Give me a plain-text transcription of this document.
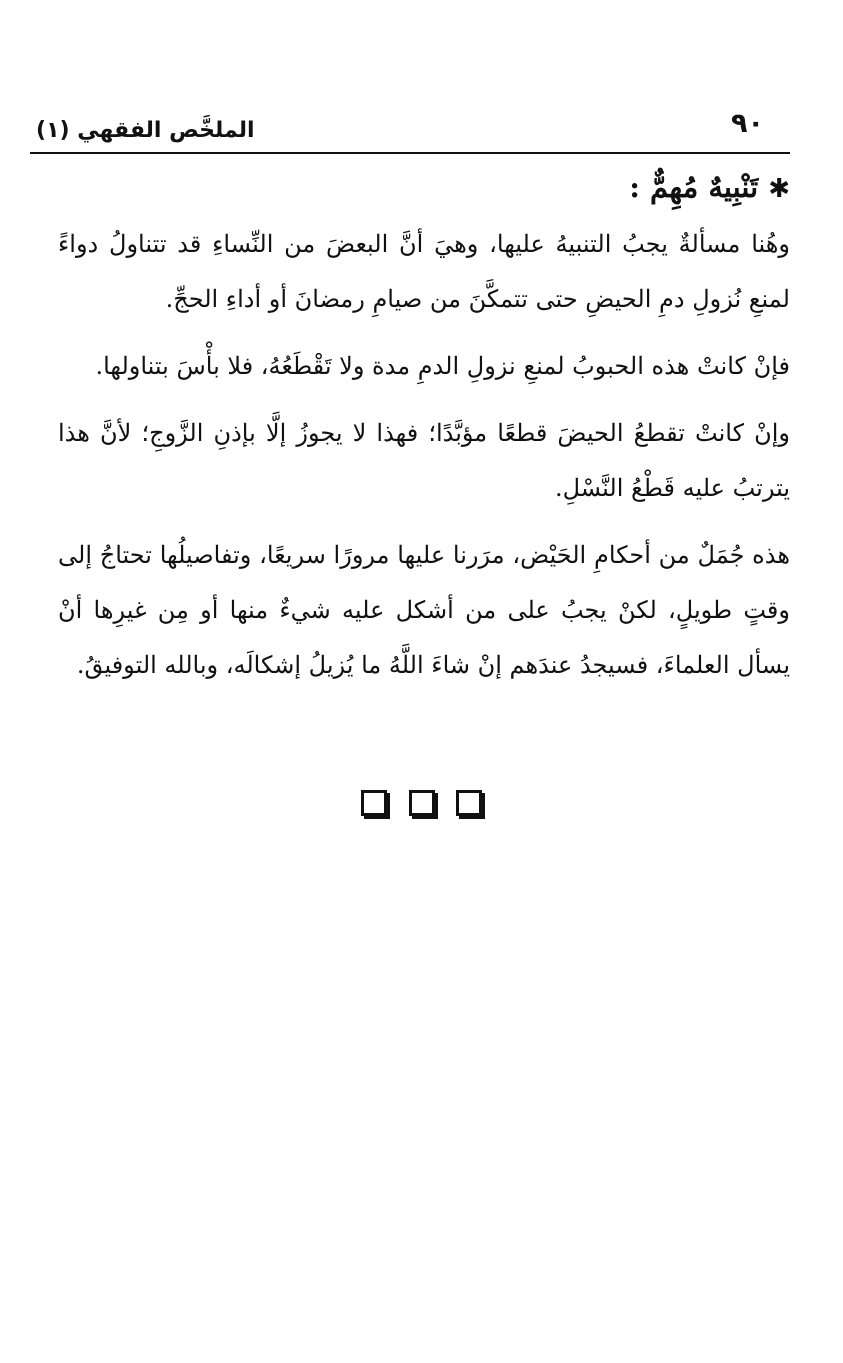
٩٠
الملخَّص الفقهي (١)
✱تَنْبِيهٌ مُهِمٌّ :

وهُنا مسألةٌ يجبُ التنبيهُ عليها، وهيَ أنَّ البعضَ من النِّساءِ قد تتناولُ دواءً لمنعِ نُزولِ دمِ الحيضِ حتى تتمكَّنَ من صيامِ رمضانَ أو أداءِ الحجِّ.

فإنْ كانتْ هذه الحبوبُ لمنعِ نزولِ الدمِ مدة ولا تَقْطَعُهُ، فلا بأْسَ بتناولها.

وإنْ كانتْ تقطعُ الحيضَ قطعًا مؤبَّدًا؛ فهذا لا يجوزُ إلَّا بإذنِ الزَّوجِ؛ لأنَّ هذا يترتبُ عليه قَطْعُ النَّسْلِ.

هذه جُمَلٌ من أحكامِ الحَيْض، مرَرنا عليها مرورًا سريعًا، وتفاصيلُها تحتاجُ إلى وقتٍ طويلٍ، لكنْ يجبُ على من أشكل عليه شيءٌ منها أو مِن غيرِها أنْ يسأل العلماءَ، فسيجدُ عندَهم إنْ شاءَ اللَّهُ ما يُزيلُ إشكالَه، وبالله التوفيقُ.
